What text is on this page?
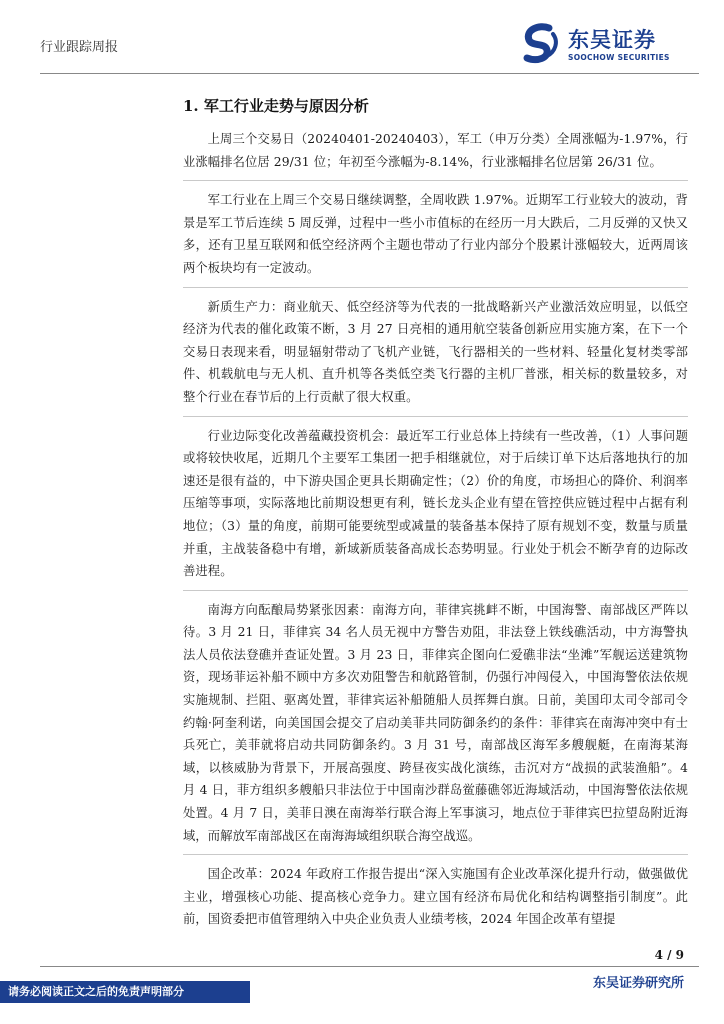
行业跟踪周报	东吴证券
SOOCHOW SECURITIES
1. 军工行业走势与原因分析

上周三个交易日（20240401-20240403），军工（申万分类）全周涨幅为-1.97%，行业涨幅排名位居 29/31 位；年初至今涨幅为-8.14%，行业涨幅排名位居第 26/31 位。

军工行业在上周三个交易日继续调整，全周收跌 1.97%。近期军工行业较大的波动，背景是军工节后连续 5 周反弹，过程中一些小市值标的在经历一月大跌后，二月反弹的又快又多，还有卫星互联网和低空经济两个主题也带动了行业内部分个股累计涨幅较大，近两周该两个板块均有一定波动。

新质生产力：商业航天、低空经济等为代表的一批战略新兴产业激活效应明显，以低空经济为代表的催化政策不断，3 月 27 日亮相的通用航空装备创新应用实施方案，在下一个交易日表现来看，明显辐射带动了飞机产业链，飞行器相关的一些材料、轻量化复材类零部件、机载航电与无人机、直升机等各类低空类飞行器的主机厂普涨，相关标的数量较多，对整个行业在春节后的上行贡献了很大权重。

行业边际变化改善蕴藏投资机会：最近军工行业总体上持续有一些改善，（1）人事问题或将较快收尾，近期几个主要军工集团一把手相继就位，对于后续订单下达后落地执行的加速还是很有益的，中下游央国企更具长期确定性；（2）价的角度，市场担心的降价、利润率压缩等事项，实际落地比前期设想更有利，链长龙头企业有望在管控供应链过程中占据有利地位；（3）量的角度，前期可能要统型或减量的装备基本保持了原有规划不变，数量与质量并重，主战装备稳中有增，新域新质装备高成长态势明显。行业处于机会不断孕育的边际改善进程。

南海方向酝酿局势紧张因素：南海方向，菲律宾挑衅不断，中国海警、南部战区严阵以待。3 月 21 日，菲律宾 34 名人员无视中方警告劝阻，非法登上铁线礁活动，中方海警执法人员依法登礁并查证处置。3 月 23 日，菲律宾企图向仁爱礁非法“坐滩”军舰运送建筑物资，现场菲运补船不顾中方多次劝阻警告和航路管制，仍强行冲闯侵入，中国海警依法依规实施规制、拦阻、驱离处置，菲律宾运补船随船人员挥舞白旗。日前，美国印太司令部司令约翰·阿奎利诺，向美国国会提交了启动美菲共同防御条约的条件：菲律宾在南海冲突中有士兵死亡，美菲就将启动共同防御条约。3 月 31 号，南部战区海军多艘舰艇，在南海某海域，以核威胁为背景下，开展高强度、跨昼夜实战化演练，击沉对方“战损的武装渔船”。4 月 4 日，菲方组织多艘船只非法位于中国南沙群岛鲎藤礁邻近海域活动，中国海警依法依规处置。4 月 7 日，美菲日澳在南海举行联合海上军事演习，地点位于菲律宾巴拉望岛附近海域，而解放军南部战区在南海海域组织联合海空战巡。

国企改革：2024 年政府工作报告提出“深入实施国有企业改革深化提升行动，做强做优主业，增强核心功能、提高核心竞争力。建立国有经济布局优化和结构调整指引制度”。此前，国资委把市值管理纳入中央企业负责人业绩考核，2024 年国企改革有望提

4 / 9
东吴证券研究所
请务必阅读正文之后的免责声明部分
